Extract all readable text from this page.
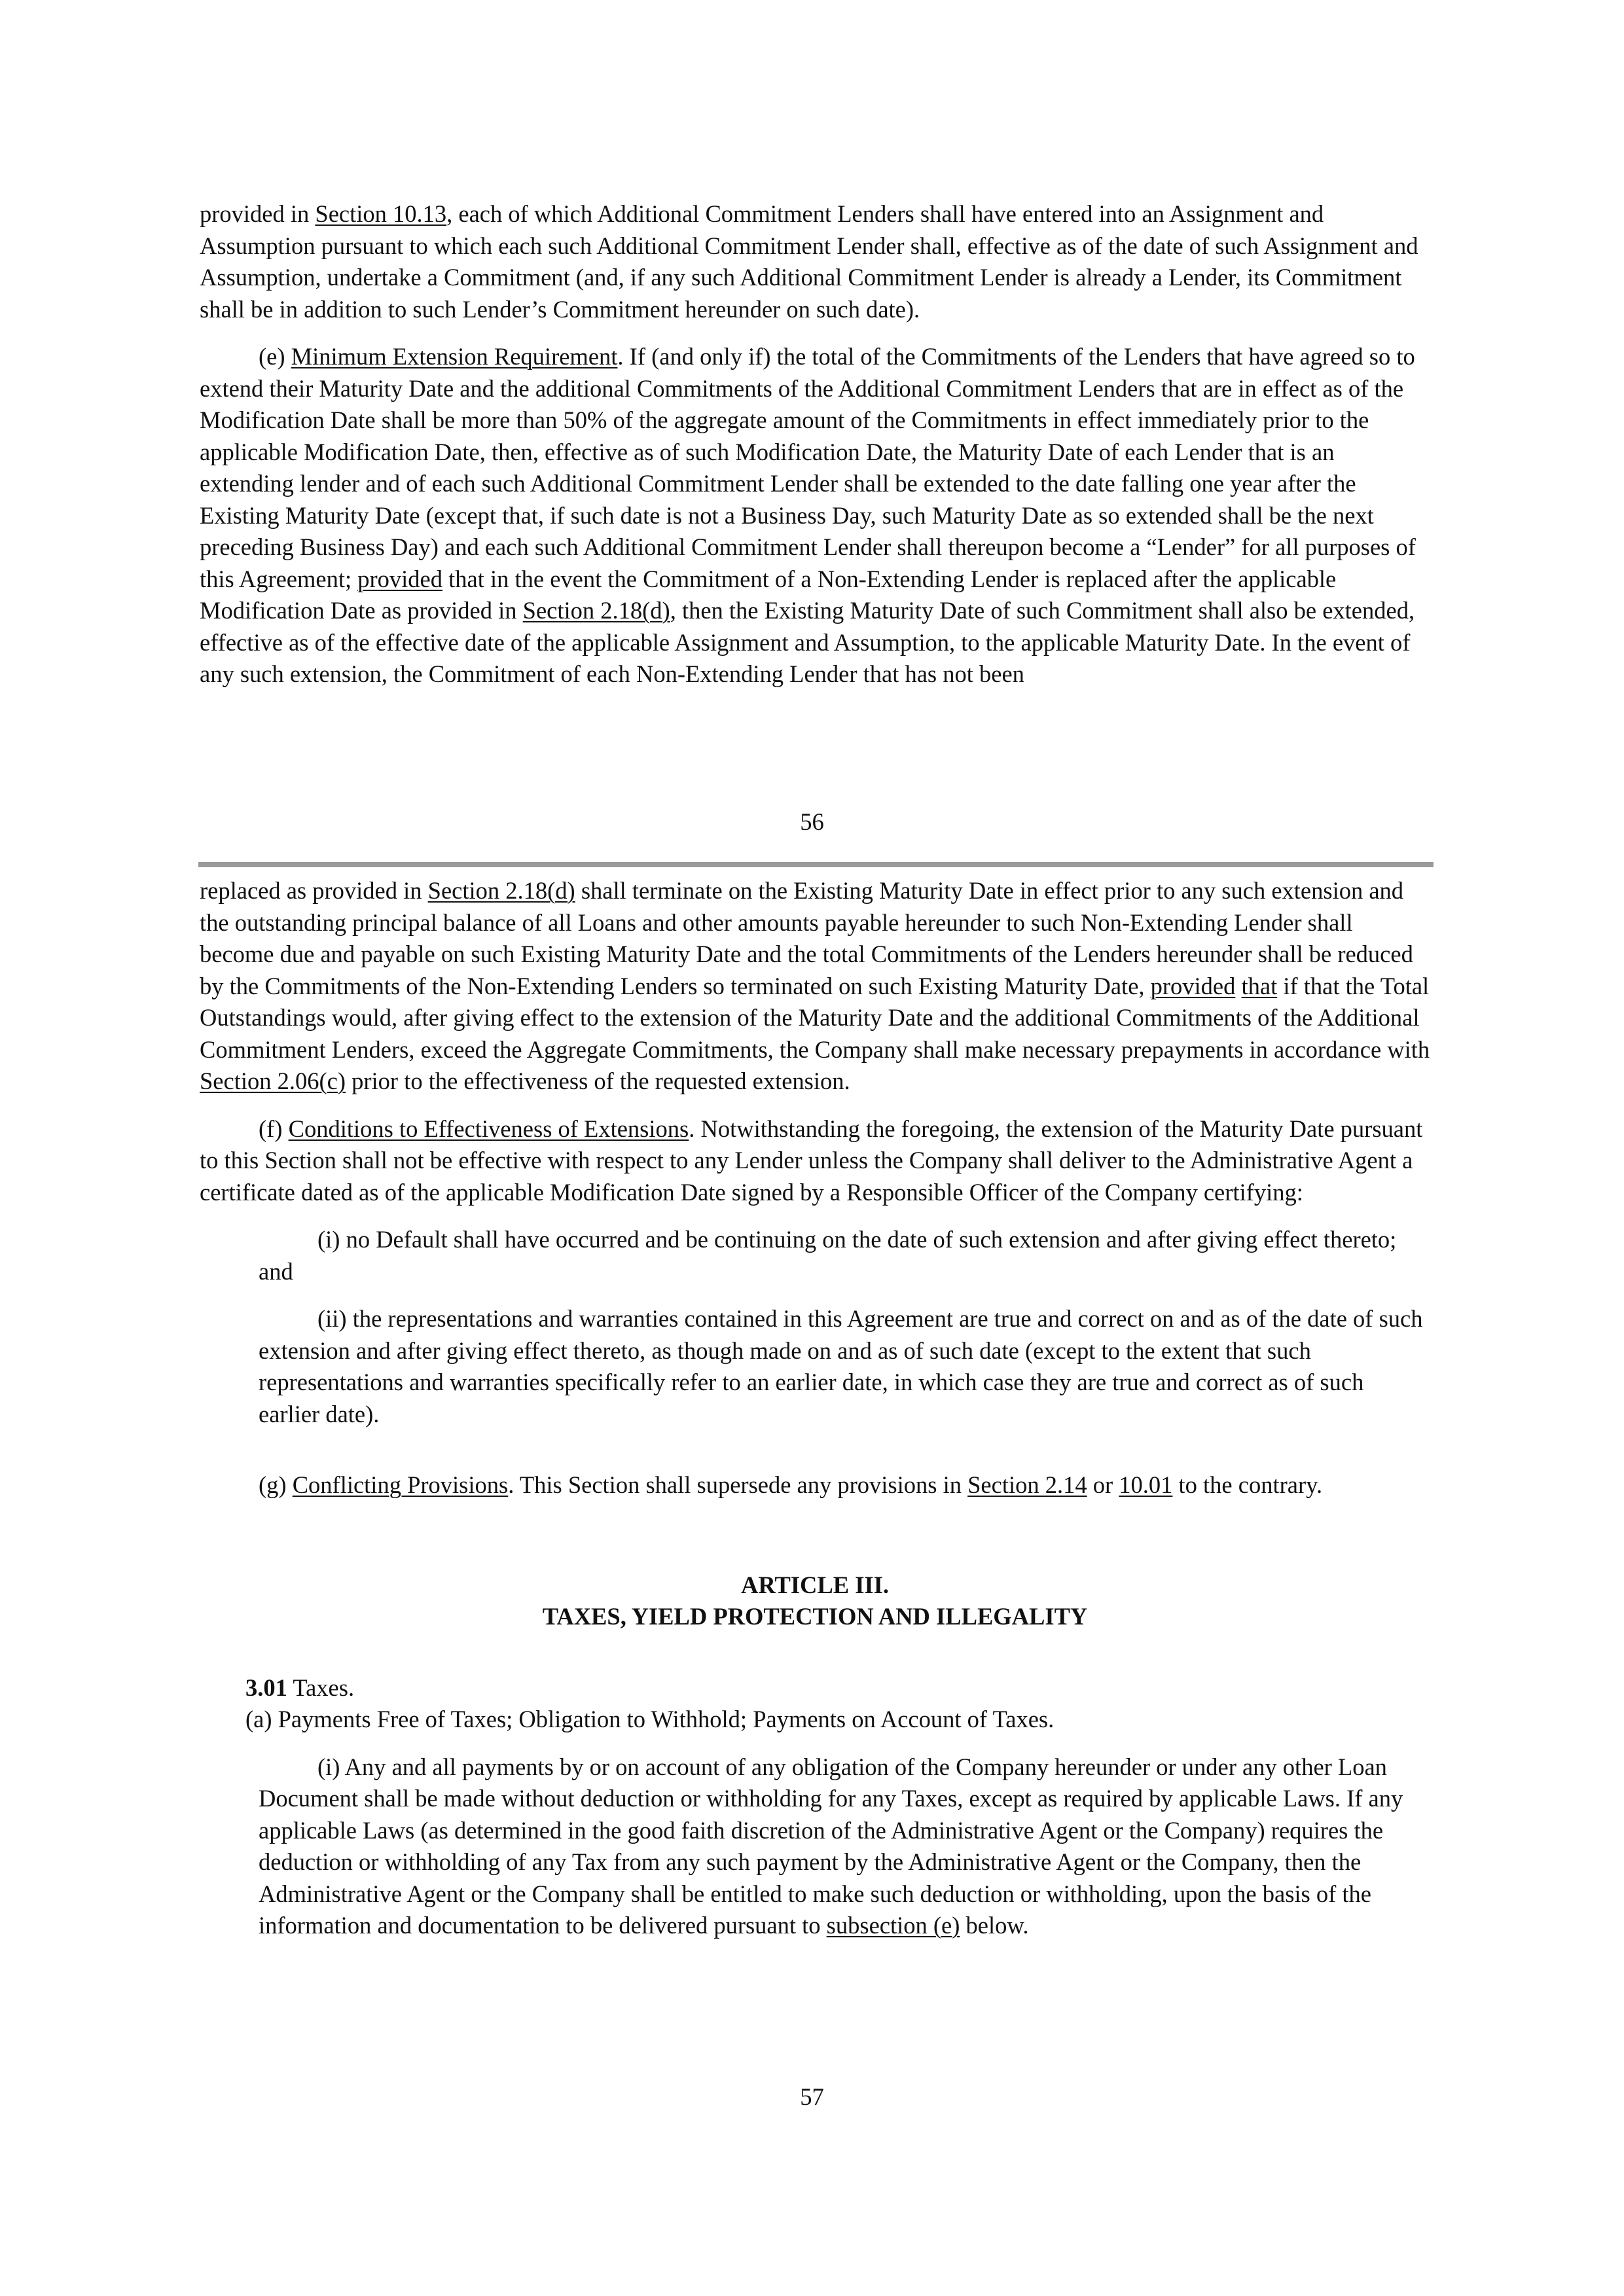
provided in Section 10.13, each of which Additional Commitment Lenders shall have entered into an Assignment and Assumption pursuant to which each such Additional Commitment Lender shall, effective as of the date of such Assignment and Assumption, undertake a Commitment (and, if any such Additional Commitment Lender is already a Lender, its Commitment shall be in addition to such Lender’s Commitment hereunder on such date).

(e) Minimum Extension Requirement. If (and only if) the total of the Commitments of the Lenders that have agreed so to extend their Maturity Date and the additional Commitments of the Additional Commitment Lenders that are in effect as of the Modification Date shall be more than 50% of the aggregate amount of the Commitments in effect immediately prior to the applicable Modification Date, then, effective as of such Modification Date, the Maturity Date of each Lender that is an extending lender and of each such Additional Commitment Lender shall be extended to the date falling one year after the Existing Maturity Date (except that, if such date is not a Business Day, such Maturity Date as so extended shall be the next preceding Business Day) and each such Additional Commitment Lender shall thereupon become a “Lender” for all purposes of this Agreement; provided that in the event the Commitment of a Non-Extending Lender is replaced after the applicable Modification Date as provided in Section 2.18(d), then the Existing Maturity Date of such Commitment shall also be extended, effective as of the effective date of the applicable Assignment and Assumption, to the applicable Maturity Date. In the event of any such extension, the Commitment of each Non-Extending Lender that has not been

56

replaced as provided in Section 2.18(d) shall terminate on the Existing Maturity Date in effect prior to any such extension and the outstanding principal balance of all Loans and other amounts payable hereunder to such Non-Extending Lender shall become due and payable on such Existing Maturity Date and the total Commitments of the Lenders hereunder shall be reduced by the Commitments of the Non-Extending Lenders so terminated on such Existing Maturity Date, provided that if that the Total Outstandings would, after giving effect to the extension of the Maturity Date and the additional Commitments of the Additional Commitment Lenders, exceed the Aggregate Commitments, the Company shall make necessary prepayments in accordance with Section 2.06(c) prior to the effectiveness of the requested extension.

(f) Conditions to Effectiveness of Extensions. Notwithstanding the foregoing, the extension of the Maturity Date pursuant to this Section shall not be effective with respect to any Lender unless the Company shall deliver to the Administrative Agent a certificate dated as of the applicable Modification Date signed by a Responsible Officer of the Company certifying:

(i) no Default shall have occurred and be continuing on the date of such extension and after giving effect thereto; and

(ii) the representations and warranties contained in this Agreement are true and correct on and as of the date of such extension and after giving effect thereto, as though made on and as of such date (except to the extent that such representations and warranties specifically refer to an earlier date, in which case they are true and correct as of such earlier date).

(g) Conflicting Provisions. This Section shall supersede any provisions in Section 2.14 or 10.01 to the contrary.

ARTICLE III.
TAXES, YIELD PROTECTION AND ILLEGALITY

3.01 Taxes.

(a) Payments Free of Taxes; Obligation to Withhold; Payments on Account of Taxes.

(i) Any and all payments by or on account of any obligation of the Company hereunder or under any other Loan Document shall be made without deduction or withholding for any Taxes, except as required by applicable Laws. If any applicable Laws (as determined in the good faith discretion of the Administrative Agent or the Company) requires the deduction or withholding of any Tax from any such payment by the Administrative Agent or the Company, then the Administrative Agent or the Company shall be entitled to make such deduction or withholding, upon the basis of the information and documentation to be delivered pursuant to subsection (e) below.

57
